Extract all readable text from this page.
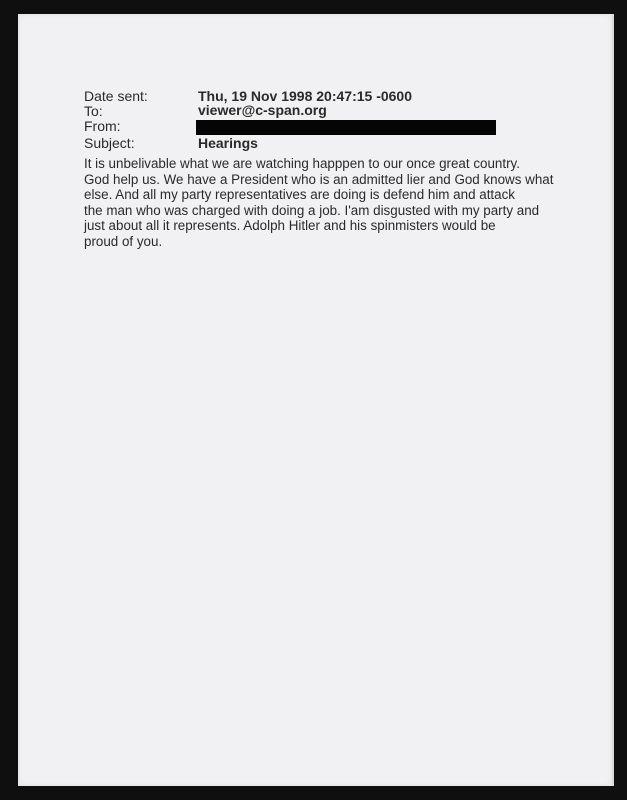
Date sent:	Thu, 19 Nov 1998 20:47:15 -0600
To:	viewer@c-span.org
From:
Subject:	Hearings
It is unbelivable what we are watching happpen to our once great country.
God help us. We have a President who is an admitted lier and God knows what
else. And all my party representatives are doing is defend him and attack
the man who was charged with doing a job. I'am disgusted with my party and
just about all it represents. Adolph Hitler and his spinmisters would be
proud of you.
